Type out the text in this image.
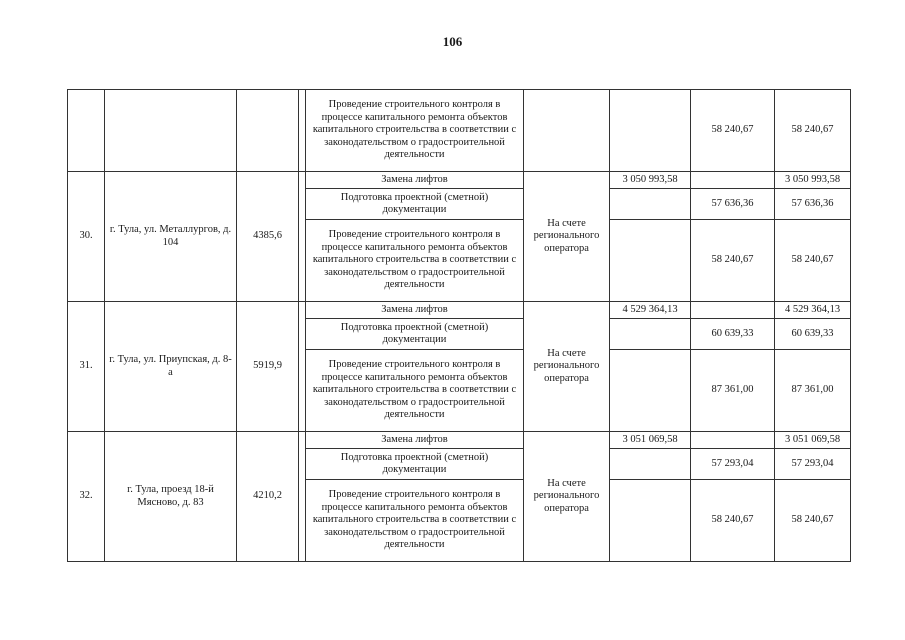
106
				Проведение строительного контроля в процессе капитального ремонта объектов капитального строительства в соответствии с законодательством о градостроительной деятельности			58 240,67	58 240,67
30.	г. Тула, ул. Металлургов, д. 104	4385,6		Замена лифтов	На счете регионального оператора	3 050 993,58		3 050 993,58
				Подготовка проектной (сметной) документации			57 636,36	57 636,36
				Проведение строительного контроля в процессе капитального ремонта объектов капитального строительства в соответствии с законодательством о градостроительной деятельности			58 240,67	58 240,67
31.	г. Тула, ул. Приупская, д. 8-а	5919,9		Замена лифтов	На счете регионального оператора	4 529 364,13		4 529 364,13
				Подготовка проектной (сметной) документации			60 639,33	60 639,33
				Проведение строительного контроля в процессе капитального ремонта объектов капитального строительства в соответствии с законодательством о градостроительной деятельности			87 361,00	87 361,00
32.	г. Тула, проезд 18-й Мясново, д. 83	4210,2		Замена лифтов	На счете регионального оператора	3 051 069,58		3 051 069,58
				Подготовка проектной (сметной) документации			57 293,04	57 293,04
				Проведение строительного контроля в процессе капитального ремонта объектов капитального строительства в соответствии с законодательством о градостроительной деятельности			58 240,67	58 240,67
